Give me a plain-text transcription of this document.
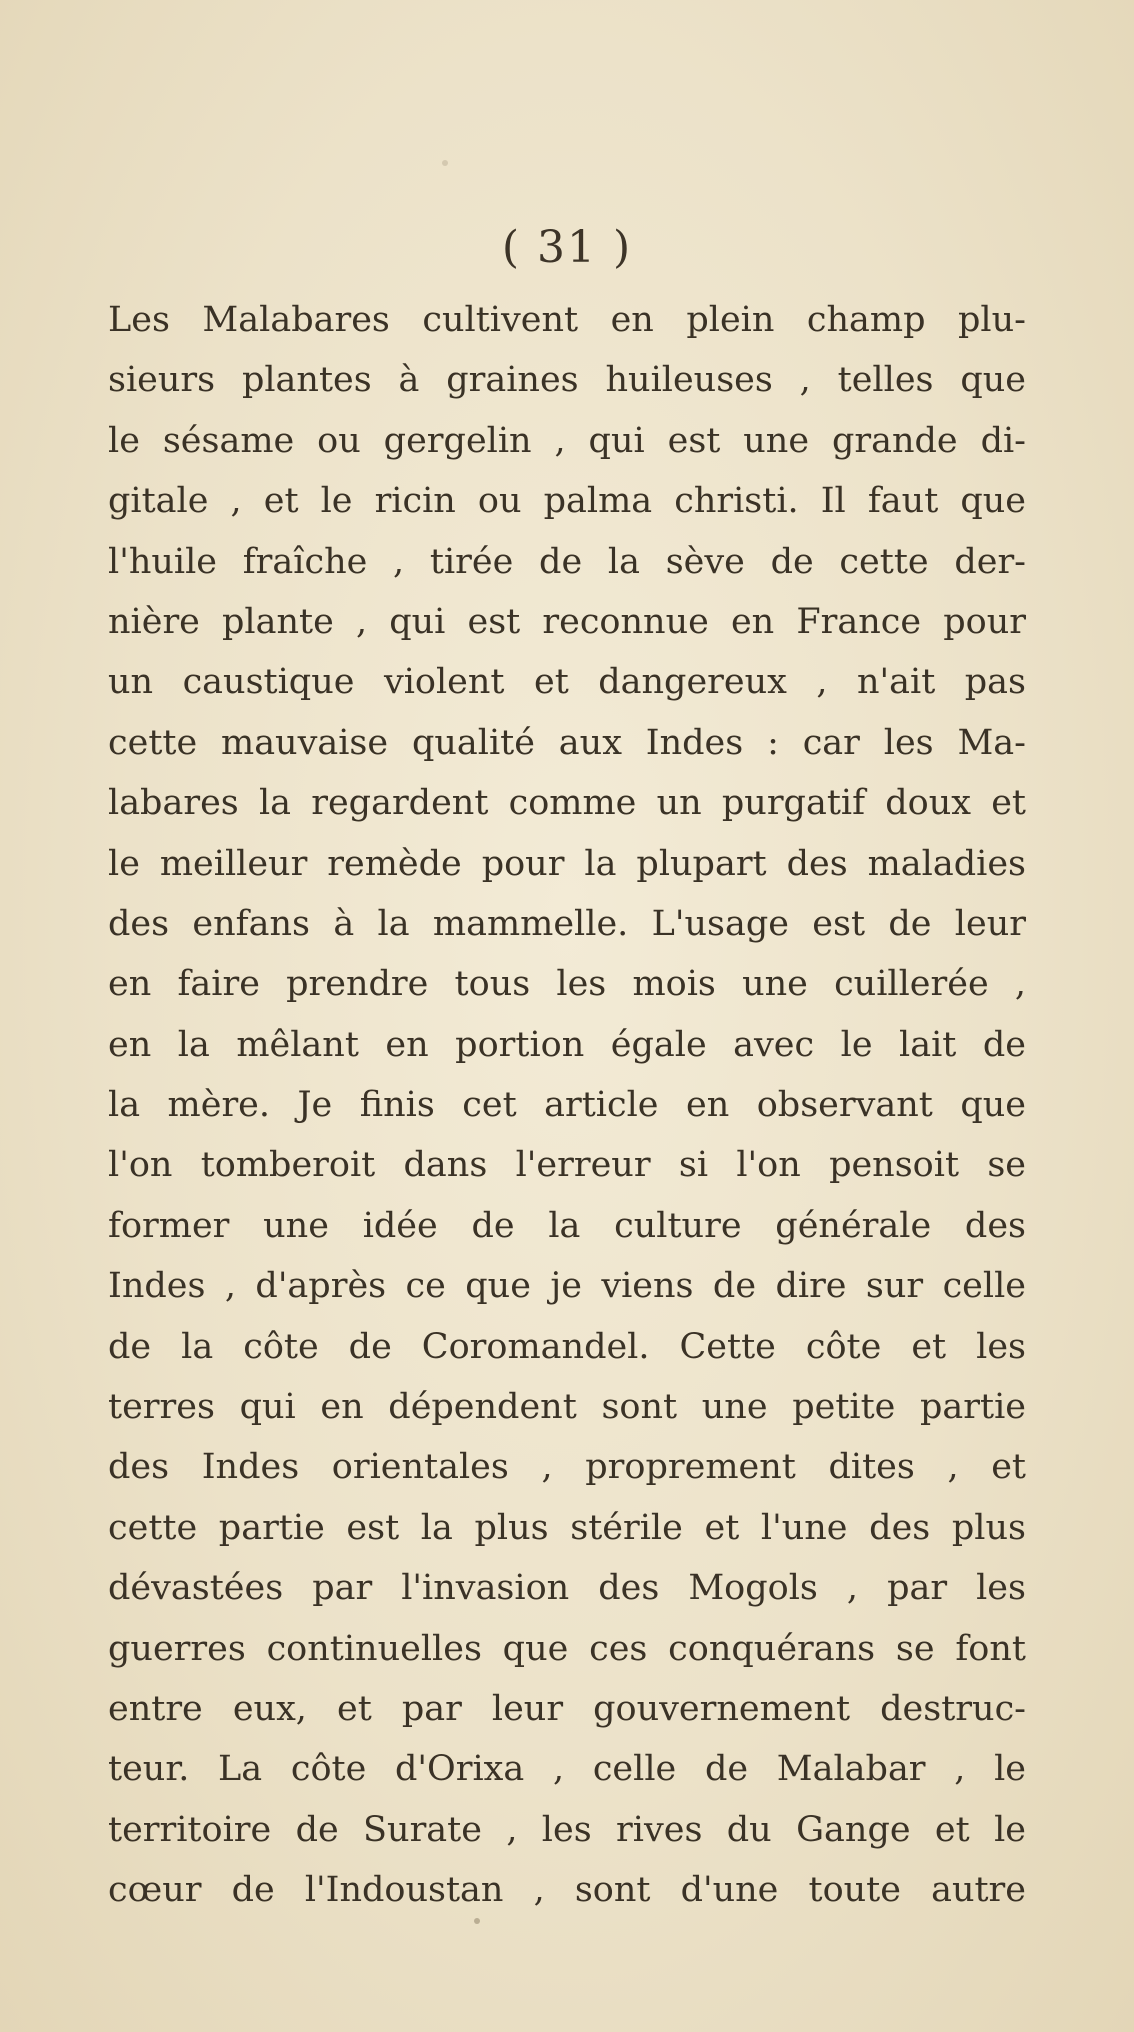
( 31 )
Les Malabares cultivent en plein champ plu-
sieurs plantes à graines huileuses , telles que
le sésame ou gergelin , qui est une grande di-
gitale , et le ricin ou palma christi. Il faut que
l'huile fraîche , tirée de la sève de cette der-
nière plante , qui est reconnue en France pour
un caustique violent et dangereux , n'ait pas
cette mauvaise qualité aux Indes : car les Ma-
labares la regardent comme un purgatif doux et
le meilleur remède pour la plupart des maladies
des enfans à la mammelle. L'usage est de leur
en faire prendre tous les mois une cuillerée ,
en la mêlant en portion égale avec le lait de
la mère. Je finis cet article en observant que
l'on tomberoit dans l'erreur si l'on pensoit se
former une idée de la culture générale des
Indes , d'après ce que je viens de dire sur celle
de la côte de Coromandel. Cette côte et les
terres qui en dépendent sont une petite partie
des Indes orientales , proprement dites , et
cette partie est la plus stérile et l'une des plus
dévastées par l'invasion des Mogols , par les
guerres continuelles que ces conquérans se font
entre eux, et par leur gouvernement destruc-
teur. La côte d'Orixa , celle de Malabar , le
territoire de Surate , les rives du Gange et le
cœur de l'Indoustan , sont d'une toute autre
